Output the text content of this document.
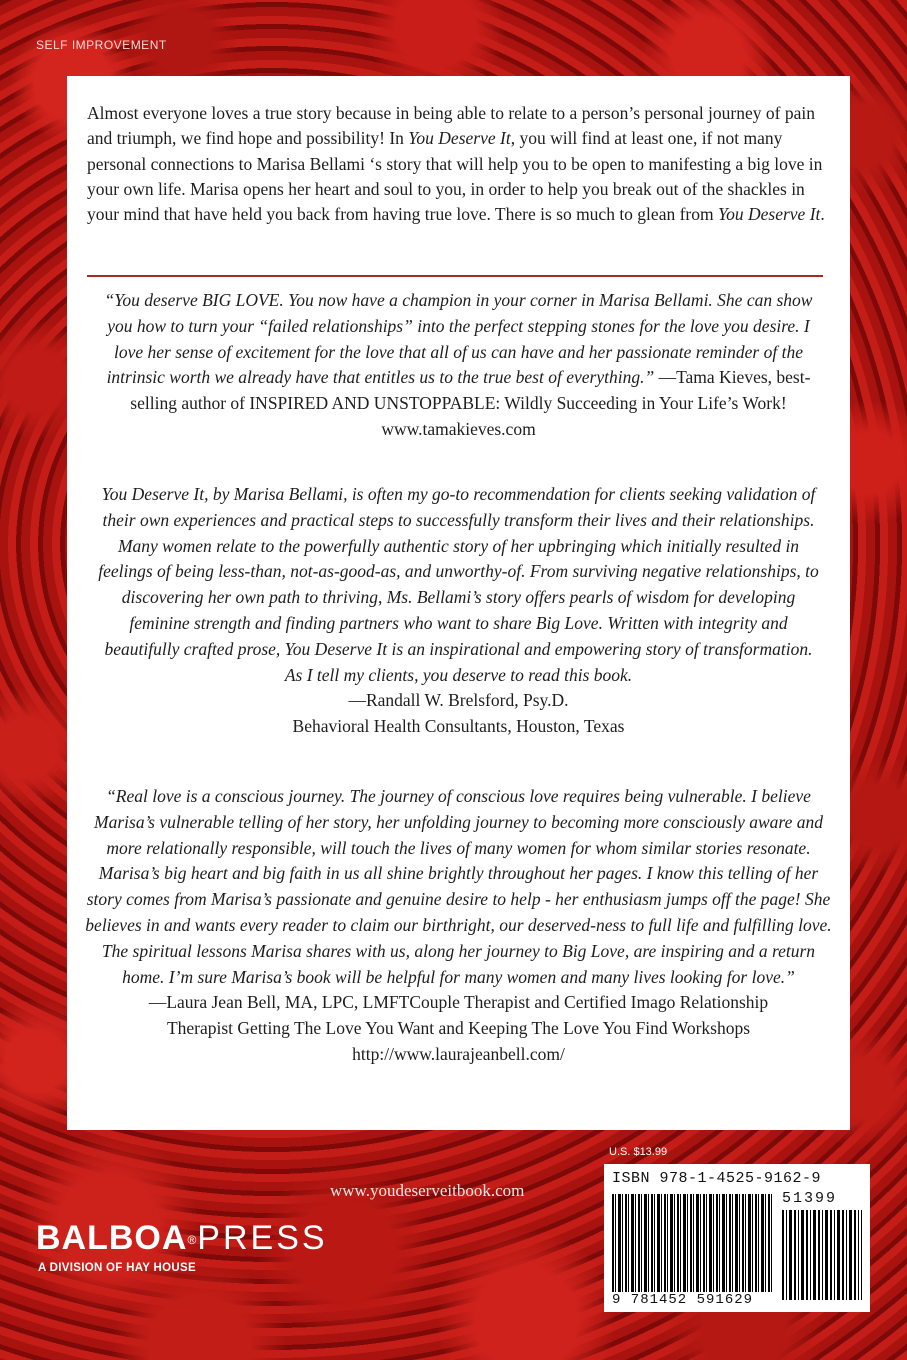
SELF IMPROVEMENT

Almost everyone loves a true story because in being able to relate to a person’s personal journey of pain and triumph, we find hope and possibility! In You Deserve It, you will find at least one, if not many personal connections to Marisa Bellami ‘s story that will help you to be open to manifesting a big love in your own life. Marisa opens her heart and soul to you, in order to help you break out of the shackles in your mind that have held you back from having true love. There is so much to glean from You Deserve It.

“You deserve BIG LOVE. You now have a champion in your corner in Marisa Bellami. She can show you how to turn your “failed relationships” into the perfect stepping stones for the love you desire. I love her sense of excitement for the love that all of us can have and her passionate reminder of the intrinsic worth we already have that entitles us to the true best of everything.” —Tama Kieves, best-selling author of INSPIRED AND UNSTOPPABLE: Wildly Succeeding in Your Life’s Work! www.tamakieves.com

You Deserve It, by Marisa Bellami, is often my go-to recommendation for clients seeking validation of their own experiences and practical steps to successfully transform their lives and their relationships. Many women relate to the powerfully authentic story of her upbringing which initially resulted in feelings of being less-than, not-as-good-as, and unworthy-of. From surviving negative relationships, to discovering her own path to thriving, Ms. Bellami’s story offers pearls of wisdom for developing feminine strength and finding partners who want to share Big Love. Written with integrity and beautifully crafted prose, You Deserve It is an inspirational and empowering story of transformation. As I tell my clients, you deserve to read this book.
—Randall W. Brelsford, Psy.D.
Behavioral Health Consultants, Houston, Texas

“Real love is a conscious journey. The journey of conscious love requires being vulnerable. I believe Marisa’s vulnerable telling of her story, her unfolding journey to becoming more consciously aware and more relationally responsible, will touch the lives of many women for whom similar stories resonate. Marisa’s big heart and big faith in us all shine brightly throughout her pages. I know this telling of her story comes from Marisa’s passionate and genuine desire to help - her enthusiasm jumps off the page! She believes in and wants every reader to claim our birthright, our deserved-ness to full life and fulfilling love. The spiritual lessons Marisa shares with us, along her journey to Big Love, are inspiring and a return home. I’m sure Marisa’s book will be helpful for many women and many lives looking for love.”
—Laura Jean Bell, MA, LPC, LMFTCouple Therapist and Certified Imago Relationship Therapist Getting The Love You Want and Keeping The Love You Find Workshops http://www.laurajeanbell.com/

U.S. $13.99
ISBN 978-1-4525-9162-9
51399
9 781452 591629
www.youdeserveitbook.com
BALBOA®PRESS
A DIVISION OF HAY HOUSE
